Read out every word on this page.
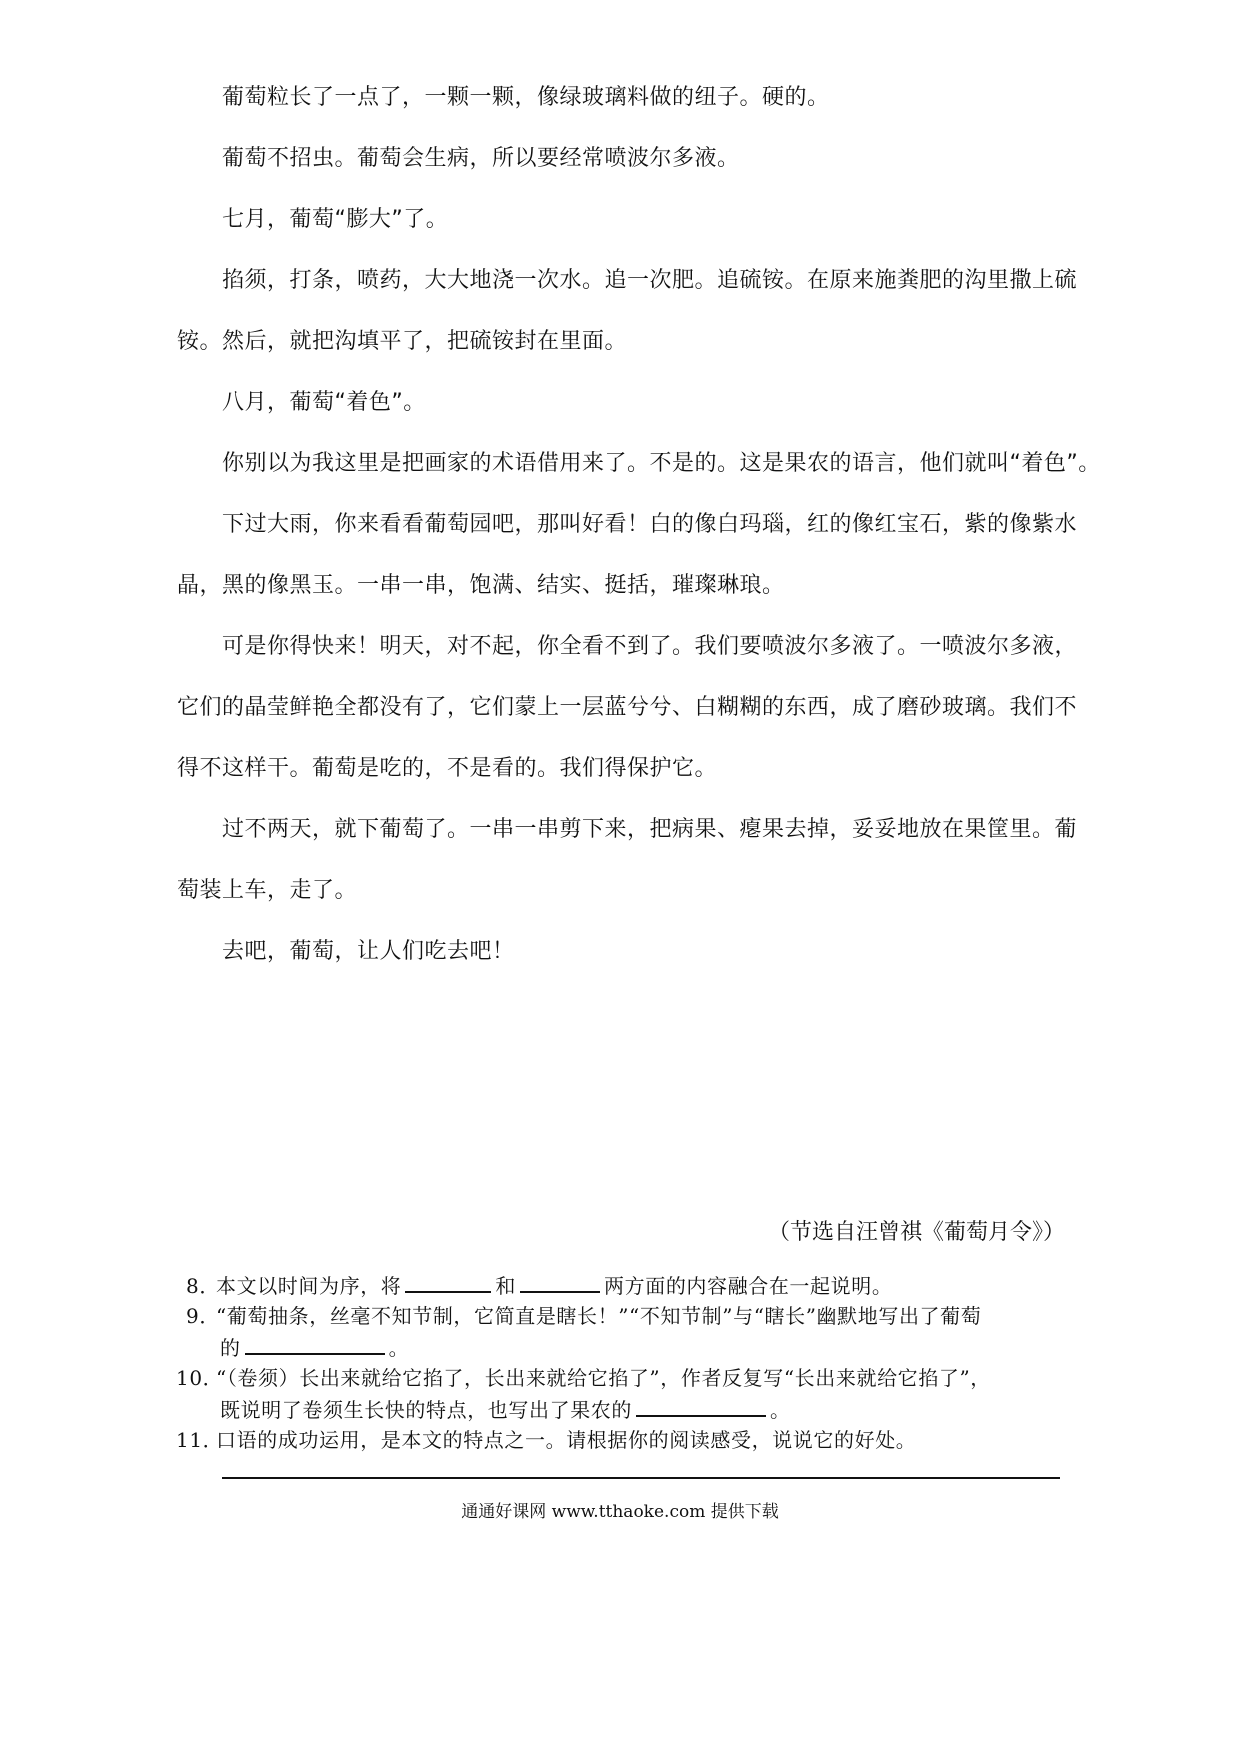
葡萄粒长了一点了，一颗一颗，像绿玻璃料做的纽子。硬的。
葡萄不招虫。葡萄会生病，所以要经常喷波尔多液。
七月，葡萄“膨大”了。
掐须，打条，喷药，大大地浇一次水。追一次肥。追硫铵。在原来施粪肥的沟里撒上硫
铵。然后，就把沟填平了，把硫铵封在里面。
八月，葡萄“着色”。
你别以为我这里是把画家的术语借用来了。不是的。这是果农的语言，他们就叫“着色”。
下过大雨，你来看看葡萄园吧，那叫好看！白的像白玛瑙，红的像红宝石，紫的像紫水
晶，黑的像黑玉。一串一串，饱满、结实、挺括，璀璨琳琅。
可是你得快来！明天，对不起，你全看不到了。我们要喷波尔多液了。一喷波尔多液，
它们的晶莹鲜艳全都没有了，它们蒙上一层蓝兮兮、白糊糊的东西，成了磨砂玻璃。我们不
得不这样干。葡萄是吃的，不是看的。我们得保护它。
过不两天，就下葡萄了。一串一串剪下来，把病果、瘪果去掉，妥妥地放在果筐里。葡
萄装上车，走了。
去吧，葡萄，让人们吃去吧！
（节选自汪曾祺《葡萄月令》）
8．本文以时间为序，将	和	两方面的内容融合在一起说明。
9．“葡萄抽条，丝毫不知节制，它简直是瞎长！”“不知节制”与“瞎长”幽默地写出了葡萄
的	。
10．“（卷须）长出来就给它掐了，长出来就给它掐了”，作者反复写“长出来就给它掐了”，
既说明了卷须生长快的特点，也写出了果农的	。
11．口语的成功运用，是本文的特点之一。请根据你的阅读感受，说说它的好处。
通通好课网 www.tthaoke.com 提供下载
